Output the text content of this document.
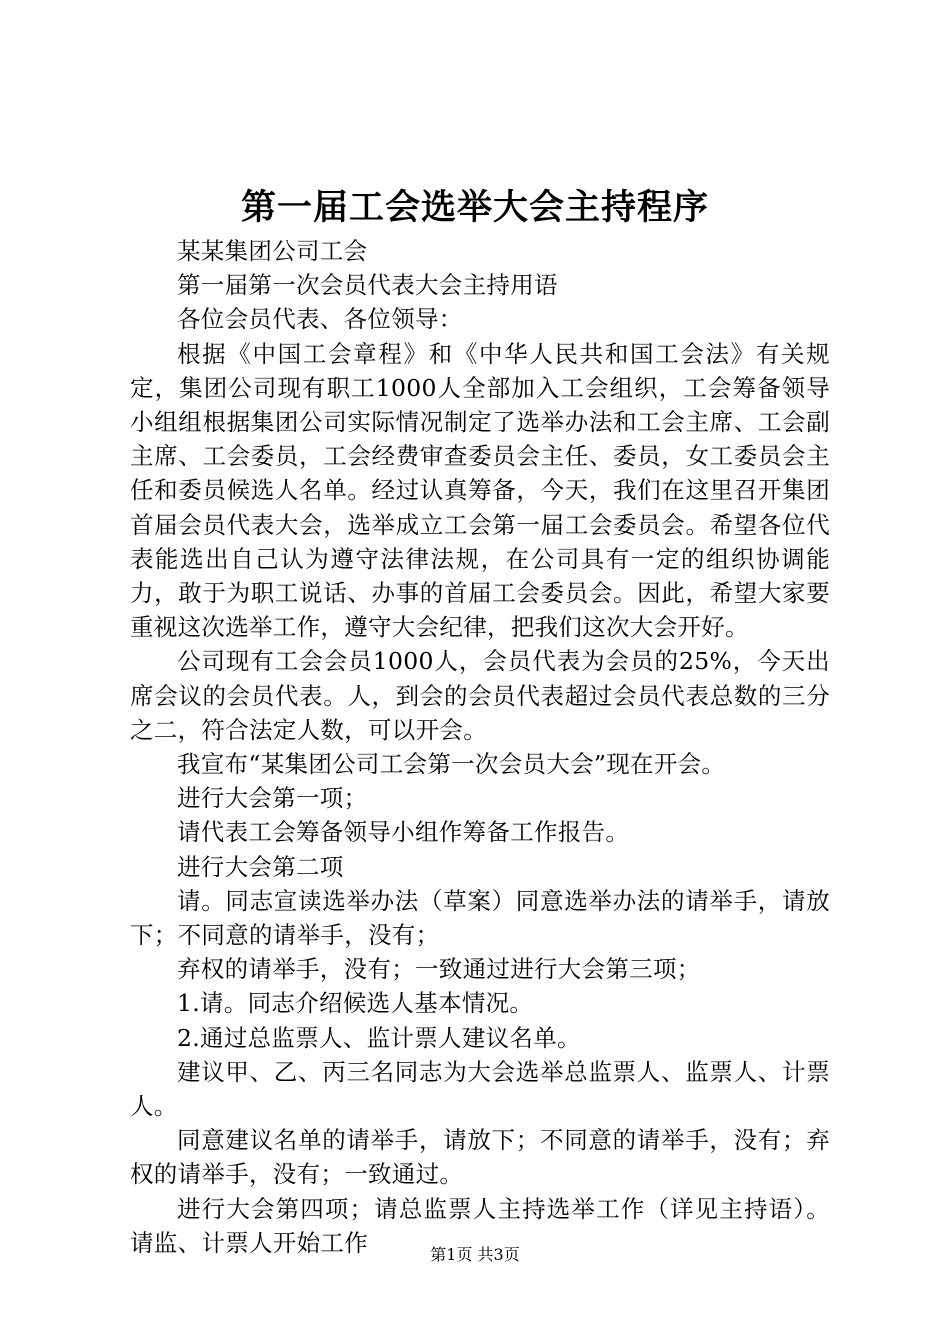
第一届工会选举大会主持程序

某某集团公司工会

第一届第一次会员代表大会主持用语

各位会员代表、各位领导：

根据《中国工会章程》和《中华人民共和国工会法》有关规定，集团公司现有职工1000人全部加入工会组织，工会筹备领导小组组根据集团公司实际情况制定了选举办法和工会主席、工会副主席、工会委员，工会经费审查委员会主任、委员，女工委员会主任和委员候选人名单。经过认真筹备，今天，我们在这里召开集团首届会员代表大会，选举成立工会第一届工会委员会。希望各位代表能选出自己认为遵守法律法规，在公司具有一定的组织协调能力，敢于为职工说话、办事的首届工会委员会。因此，希望大家要重视这次选举工作，遵守大会纪律，把我们这次大会开好。

公司现有工会会员1000人，会员代表为会员的25%，今天出席会议的会员代表。人，到会的会员代表超过会员代表总数的三分之二，符合法定人数，可以开会。

我宣布“某集团公司工会第一次会员大会”现在开会。

进行大会第一项；

请代表工会筹备领导小组作筹备工作报告。

进行大会第二项

请。同志宣读选举办法（草案）同意选举办法的请举手，请放下；不同意的请举手，没有；

弃权的请举手，没有；一致通过进行大会第三项；

1.请。同志介绍候选人基本情况。

2.通过总监票人、监计票人建议名单。

建议甲、乙、丙三名同志为大会选举总监票人、监票人、计票人。

同意建议名单的请举手，请放下；不同意的请举手，没有；弃权的请举手，没有；一致通过。

进行大会第四项；请总监票人主持选举工作（详见主持语）。请监、计票人开始工作	第1页 共3页
